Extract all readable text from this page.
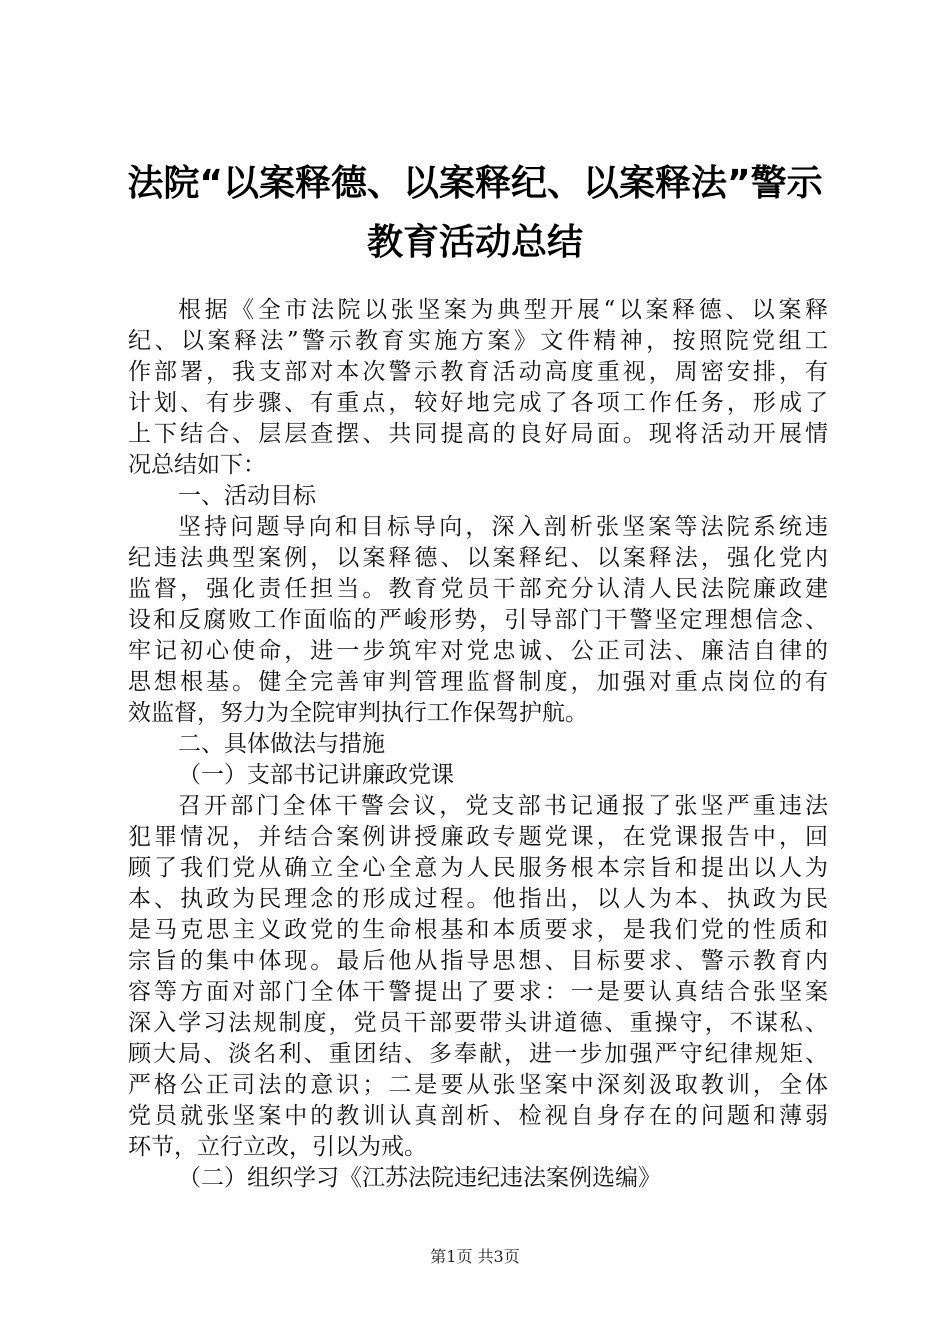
法院“以案释德、以案释纪、以案释法”警示
教育活动总结
根据《全市法院以张坚案为典型开展“以案释德、以案释
纪、以案释法”警示教育实施方案》文件精神，按照院党组工
作部署，我支部对本次警示教育活动高度重视，周密安排，有
计划、有步骤、有重点，较好地完成了各项工作任务，形成了
上下结合、层层查摆、共同提高的良好局面。现将活动开展情
况总结如下：
一、活动目标
坚持问题导向和目标导向，深入剖析张坚案等法院系统违
纪违法典型案例，以案释德、以案释纪、以案释法，强化党内
监督，强化责任担当。教育党员干部充分认清人民法院廉政建
设和反腐败工作面临的严峻形势，引导部门干警坚定理想信念、
牢记初心使命，进一步筑牢对党忠诚、公正司法、廉洁自律的
思想根基。健全完善审判管理监督制度，加强对重点岗位的有
效监督，努力为全院审判执行工作保驾护航。
二、具体做法与措施
（一）支部书记讲廉政党课
召开部门全体干警会议，党支部书记通报了张坚严重违法
犯罪情况，并结合案例讲授廉政专题党课，在党课报告中，回
顾了我们党从确立全心全意为人民服务根本宗旨和提出以人为
本、执政为民理念的形成过程。他指出，以人为本、执政为民
是马克思主义政党的生命根基和本质要求，是我们党的性质和
宗旨的集中体现。最后他从指导思想、目标要求、警示教育内
容等方面对部门全体干警提出了要求：一是要认真结合张坚案
深入学习法规制度，党员干部要带头讲道德、重操守，不谋私、
顾大局、淡名利、重团结、多奉献，进一步加强严守纪律规矩、
严格公正司法的意识；二是要从张坚案中深刻汲取教训，全体
党员就张坚案中的教训认真剖析、检视自身存在的问题和薄弱
环节，立行立改，引以为戒。
（二）组织学习《江苏法院违纪违法案例选编》
第1页 共3页
